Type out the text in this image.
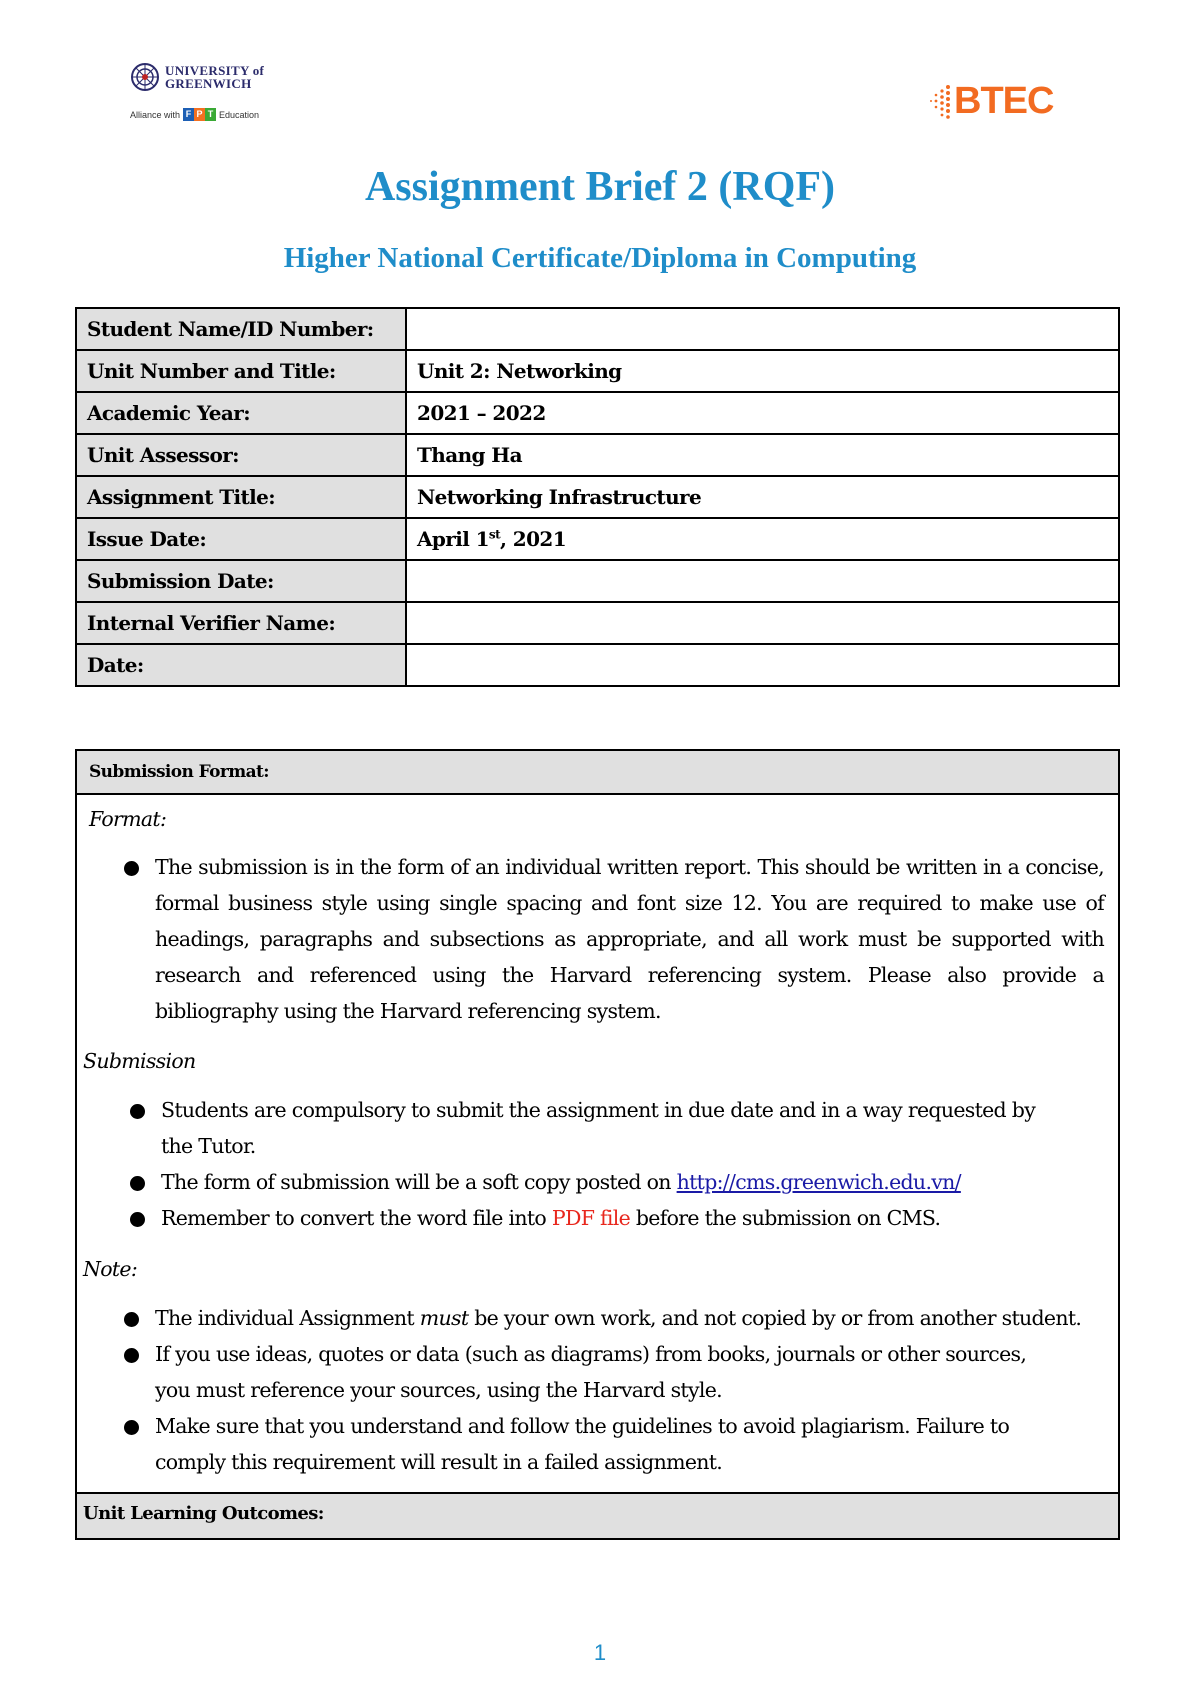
UNIVERSITY of
GREENWICH
Alliance with F P T Education	BTEC
Assignment Brief 2 (RQF)
Higher National Certificate/Diploma in Computing
Student Name/ID Number:	
Unit Number and Title:	Unit 2: Networking
Academic Year:	2021 – 2022
Unit Assessor:	Thang Ha
Assignment Title:	Networking Infrastructure
Issue Date:	April 1st, 2021
Submission Date:	
Internal Verifier Name:	
Date:	
Submission Format:
Format:
The submission is in the form of an individual written report. This should be written in a concise, formal business style using single spacing and font size 12. You are required to make use of headings, paragraphs and subsections as appropriate, and all work must be supported with research and referenced using the Harvard referencing system. Please also provide a bibliography using the Harvard referencing system.
Submission
Students are compulsory to submit the assignment in due date and in a way requested by the Tutor.
The form of submission will be a soft copy posted on http://cms.greenwich.edu.vn/
Remember to convert the word file into PDF file before the submission on CMS.
Note:
The individual Assignment must be your own work, and not copied by or from another student.
If you use ideas, quotes or data (such as diagrams) from books, journals or other sources, you must reference your sources, using the Harvard style.
Make sure that you understand and follow the guidelines to avoid plagiarism. Failure to comply this requirement will result in a failed assignment.
Unit Learning Outcomes:
1
